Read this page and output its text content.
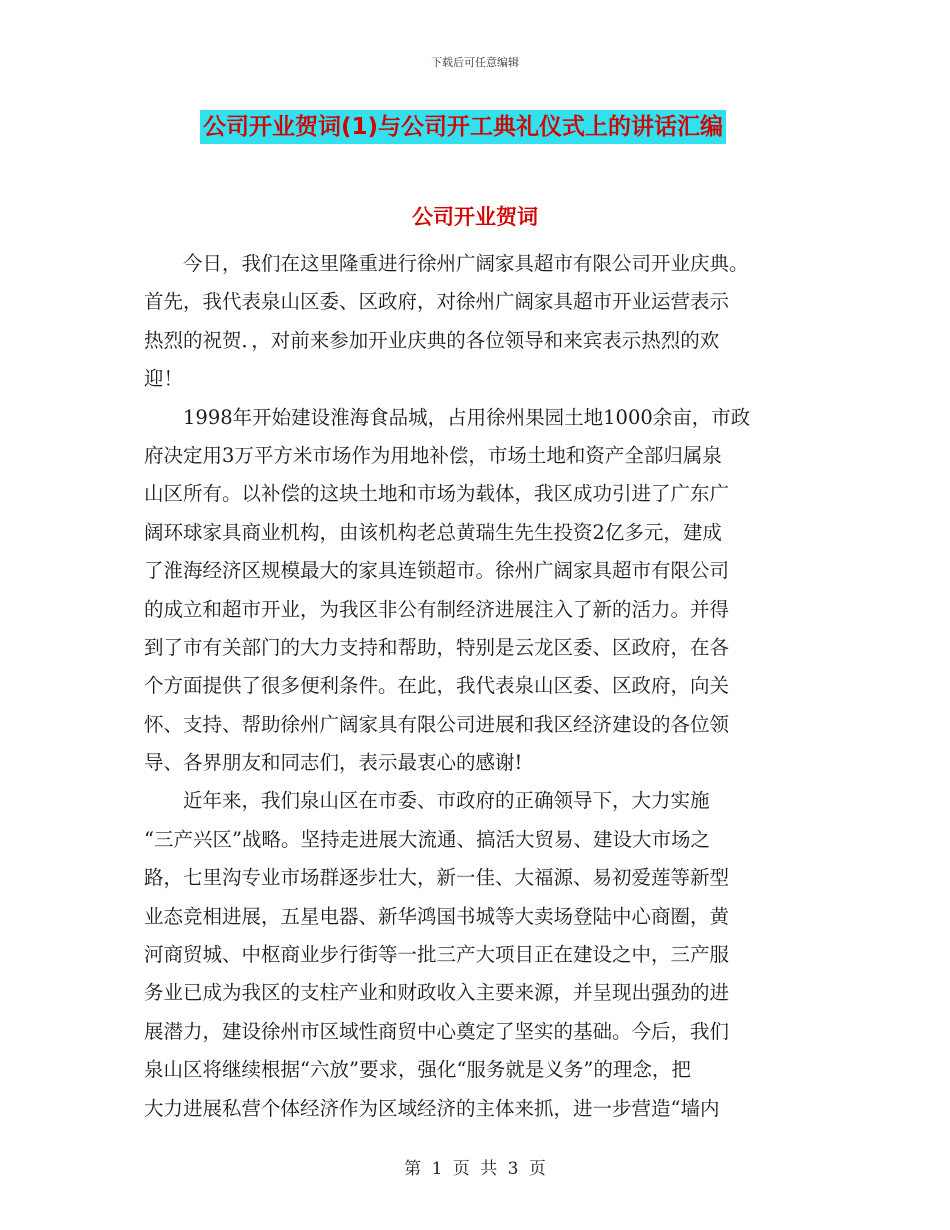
下载后可任意编辑
公司开业贺词(1)与公司开工典礼仪式上的讲话汇编
公司开业贺词
　　今日，我们在这里隆重进行徐州广阔家具超市有限公司开业庆典。
首先，我代表泉山区委、区政府，对徐州广阔家具超市开业运营表示
热烈的祝贺．，对前来参加开业庆典的各位领导和来宾表示热烈的欢
迎！
　　1998年开始建设淮海食品城，占用徐州果园土地1000余亩，市政
府决定用3万平方米市场作为用地补偿，市场土地和资产全部归属泉
山区所有。以补偿的这块土地和市场为载体，我区成功引进了广东广
阔环球家具商业机构，由该机构老总黄瑞生先生投资2亿多元，建成
了淮海经济区规模最大的家具连锁超市。徐州广阔家具超市有限公司
的成立和超市开业，为我区非公有制经济进展注入了新的活力。并得
到了市有关部门的大力支持和帮助，特别是云龙区委、区政府，在各
个方面提供了很多便利条件。在此，我代表泉山区委、区政府，向关
怀、支持、帮助徐州广阔家具有限公司进展和我区经济建设的各位领
导、各界朋友和同志们，表示最衷心的感谢!
　　近年来，我们泉山区在市委、市政府的正确领导下，大力实施
“三产兴区”战略。坚持走进展大流通、搞活大贸易、建设大市场之
路，七里沟专业市场群逐步壮大，新一佳、大福源、易初爱莲等新型
业态竞相进展，五星电器、新华鸿国书城等大卖场登陆中心商圈，黄
河商贸城、中枢商业步行街等一批三产大项目正在建设之中，三产服
务业已成为我区的支柱产业和财政收入主要来源，并呈现出强劲的进
展潜力，建设徐州市区域性商贸中心奠定了坚实的基础。今后，我们
泉山区将继续根据“六放”要求，强化“服务就是义务”的理念，把
大力进展私营个体经济作为区域经济的主体来抓，进一步营造“墙内
第 1 页 共 3 页
